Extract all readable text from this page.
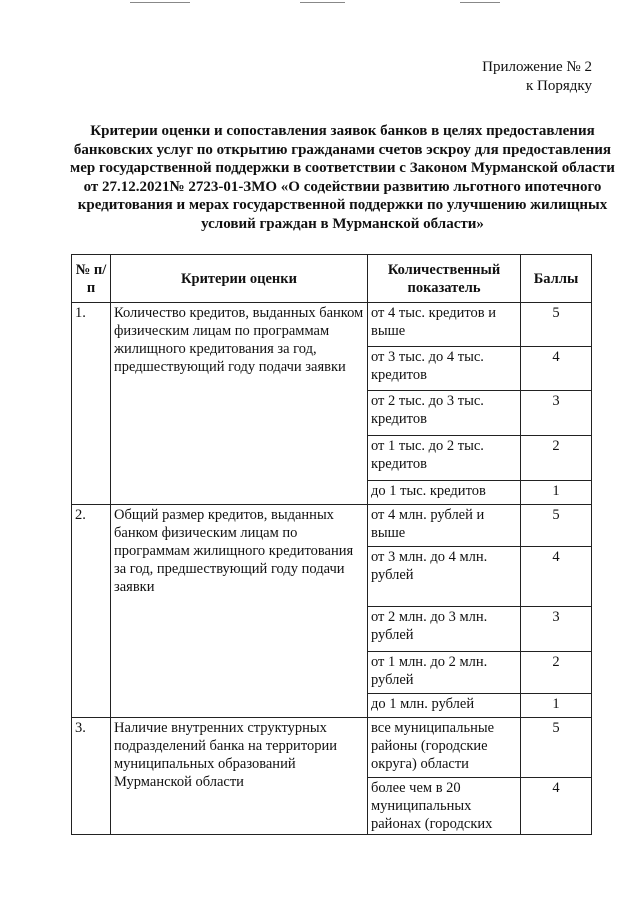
Приложение № 2
к Порядку
Критерии оценки и сопоставления заявок банков в целях предоставления банковских услуг по открытию гражданами счетов эскроу для предоставления мер государственной поддержки в соответствии с Законом Мурманской области от 27.12.2021№ 2723-01-ЗМО «О содействии развитию льготного ипотечного кредитования и мерах государственной поддержки по улучшению жилищных условий граждан в Мурманской области»
№ п/п	Критерии оценки	Количественный показатель	Баллы
1.	Количество кредитов, выданных банком физическим лицам по программам жилищного кредитования за год, предшествующий году подачи заявки	от 4 тыс. кредитов и выше	5
		от 3 тыс. до 4 тыс. кредитов	4
		от 2 тыс. до 3 тыс. кредитов	3
		от 1 тыс. до 2 тыс. кредитов	2
		до 1 тыс. кредитов	1
2.	Общий размер кредитов, выданных банком физическим лицам по программам жилищного кредитования за год, предшествующий году подачи заявки	от 4 млн. рублей и выше	5
		от 3 млн. до 4 млн. рублей	4
		от 2 млн. до 3 млн. рублей	3
		от 1 млн. до 2 млн. рублей	2
		до 1 млн. рублей	1
3.	Наличие внутренних структурных подразделений банка на территории муниципальных образований Мурманской области	все муниципальные районы (городские округа) области	5
		более чем в 20 муниципальных районах (городских	4
